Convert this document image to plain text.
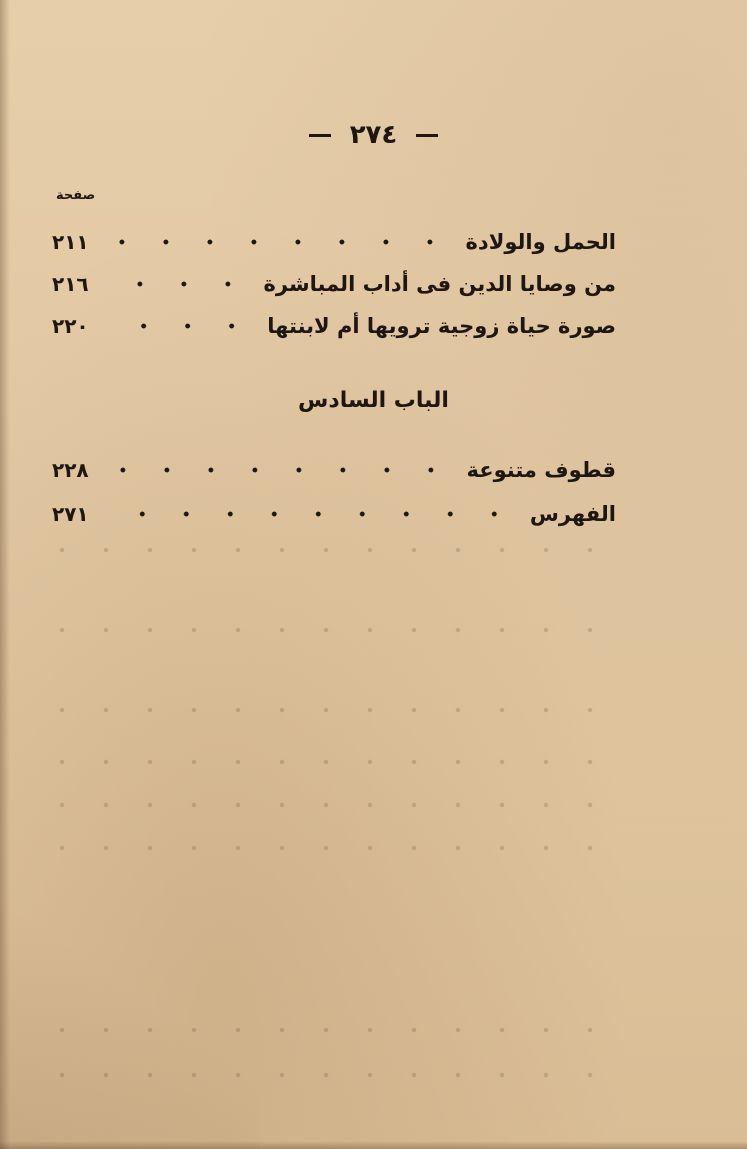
٢٧٤
صفحة
الحمل والولادة
٢١١
من وصايا الدين فى أداب المباشرة
٢١٦
صورة حياة زوجية ترويها أم لابنتها
٢٢٠
الباب السادس
قطوف متنوعة
٢٢٨
الفهرس
٢٧١
